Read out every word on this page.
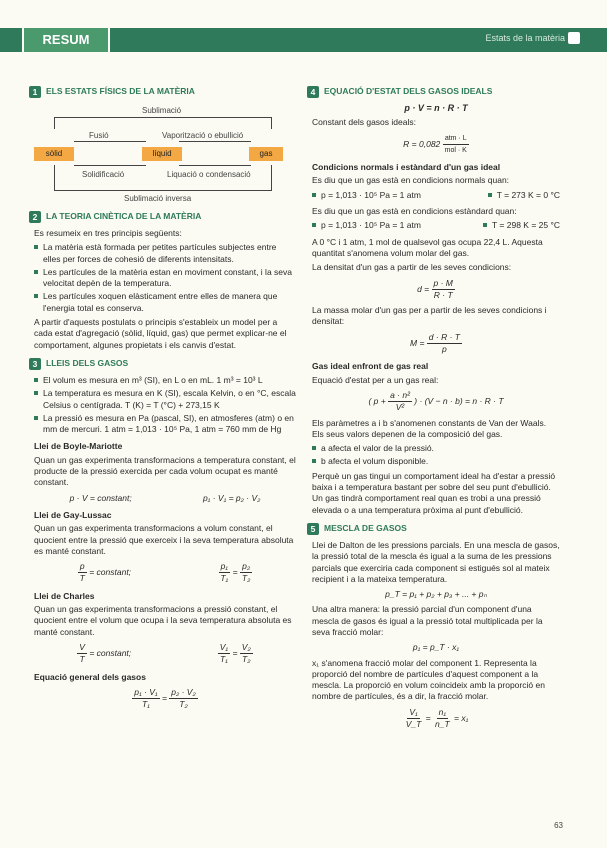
RESUM	Estats de la matèria
1	ELS ESTATS FÍSICS DE LA MATÈRIA
Sublimació
Fusió	Vaporització o ebullició
sòlid	líquid	gas
Solidificació	Liquació o condensació
Sublimació inversa
2	LA TEORIA CINÈTICA DE LA MATÈRIA

Es resumeix en tres principis següents:

La matèria està formada per petites partícules subjectes entre elles per forces de cohesió de diferents intensitats.
Les partícules de la matèria estan en moviment constant, i la seva velocitat depèn de la temperatura.
Les partícules xoquen elàsticament entre elles de manera que l'energia total es conserva.

A partir d'aquests postulats o principis s'estableix un model per a cada estat d'agregació (sòlid, líquid, gas) que permet explicar-ne el comportament, algunes propietats i els canvis d'estat.

3	LLEIS DELS GASOS
El volum es mesura en m³ (SI), en L o en mL. 1 m³ = 10³ L
La temperatura es mesura en K (SI), escala Kelvin, o en °C, escala Celsius o centígrada. T (K) = T (°C) + 273,15 K
La pressió es mesura en Pa (pascal, SI), en atmosferes (atm) o en mm de mercuri. 1 atm = 1,013 · 10⁵ Pa, 1 atm = 760 mm de Hg
Llei de Boyle-Mariotte

Quan un gas experimenta transformacions a temperatura constant, el producte de la pressió exercida per cada volum ocupat es manté constant.

p · V = constant;	p₁ · V₁ = p₂ · V₂
Llei de Gay-Lussac

Quan un gas experimenta transformacions a volum constant, el quocient entre la pressió que exerceix i la seva temperatura absoluta es manté constant.

$\frac{p}{T}$ = constant;	$\frac{\text{p₁}}{\text{T₁}} = \frac{\text{p₂}}{\text{T₂}}$
Llei de Charles

Quan un gas experimenta transformacions a pressió constant, el quocient entre el volum que ocupa i la seva temperatura absoluta es manté constant.

$\frac{V}{T}$ = constant;	$\frac{\text{V₁}}{\text{T₁}} = \frac{\text{V₂}}{\text{T₂}}$
Equació general dels gasos
$\frac{\text{p₁ · V₁}}{\text{T₁}} = \frac{\text{p₂ · V₂}}{\text{T₂}}$
4	EQUACIÓ D'ESTAT DELS GASOS IDEALS

p · V = n · R · T

Constant dels gasos ideals:

R = 0,082
$\frac{\text{atm · L}}{\text{mol · K}}$
Condicions normals i estàndard d'un gas ideal

Es diu que un gas està en condicions normals quan:

p = 1,013 · 10⁵ Pa = 1 atm	T = 273 K = 0 °C

Es diu que un gas està en condicions estàndard quan:

p = 1,013 · 10⁵ Pa = 1 atm	T = 298 K = 25 °C

A 0 °C i 1 atm, 1 mol de qualsevol gas ocupa 22,4 L. Aquesta quantitat s'anomena volum molar del gas.

La densitat d'un gas a partir de les seves condicions:

$d = \frac{p \cdot M}{R \cdot T}$

La massa molar d'un gas per a partir de les seves condicions i densitat:

$M = \frac{d \cdot R \cdot T}{p}$
Gas ideal enfront de gas real

Equació d'estat per a un gas real:

( $p + \frac{\text{a · n²}}{\text{V²}}$ ) · (V − n · b) = n · R · T

Els paràmetres a i b s'anomenen constants de Van der Waals. Els seus valors depenen de la composició del gas.

a afecta el valor de la pressió.
b afecta el volum disponible.

Perquè un gas tingui un comportament ideal ha d'estar a pressió baixa i a temperatura bastant per sobre del seu punt d'ebullició. Un gas tindrà comportament real quan es trobi a una pressió elevada o a una temperatura pròxima al punt d'ebullició.

5	MESCLA DE GASOS

Llei de Dalton de les pressions parcials. En una mescla de gasos, la pressió total de la mescla és igual a la suma de les pressions parcials que exerciria cada component si estigués sol al mateix recipient i a la mateixa temperatura.

p_T = p₁ + p₂ + p₃ + ... + pₙ

Una altra manera: la pressió parcial d'un component d'una mescla de gasos és igual a la pressió total multiplicada per la seva fracció molar:

p₁ = p_T · x₁

x₁ s'anomena fracció molar del component 1. Representa la proporció del nombre de partícules d'aquest component a la mescla. La proporció en volum coincideix amb la proporció en nombre de partícules, és a dir, la fracció molar.

$\frac{\text{V₁}}{V\_T} = \frac{\text{n₁}}{n\_T} = x_1$
63
